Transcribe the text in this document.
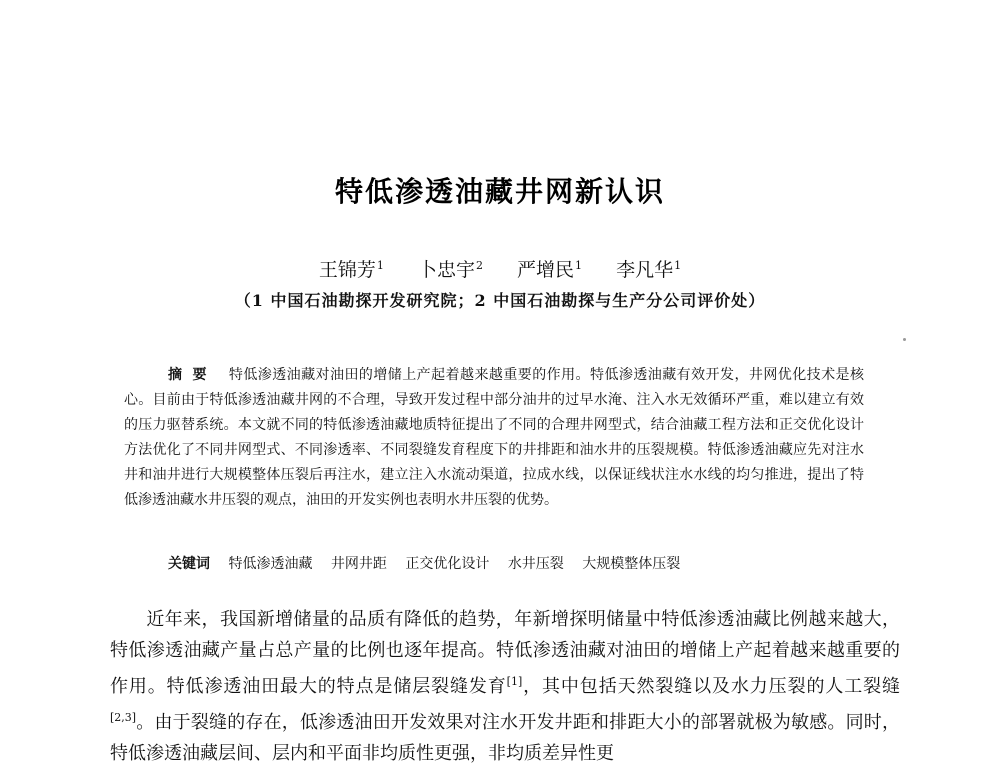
特低渗透油藏井网新认识
王锦芳$^1$ 卜忠宇$^2$ 严增民$^1$ 李凡华$^1$
（1 中国石油勘探开发研究院；2 中国石油勘探与生产分公司评价处）

摘要 特低渗透油藏对油田的增储上产起着越来越重要的作用。特低渗透油藏有效开发，井网优化技术是核心。目前由于特低渗透油藏井网的不合理，导致开发过程中部分油井的过早水淹、注入水无效循环严重，难以建立有效的压力驱替系统。本文就不同的特低渗透油藏地质特征提出了不同的合理井网型式，结合油藏工程方法和正交优化设计方法优化了不同井网型式、不同渗透率、不同裂缝发育程度下的井排距和油水井的压裂规模。特低渗透油藏应先对注水井和油井进行大规模整体压裂后再注水，建立注入水流动渠道，拉成水线，以保证线状注水水线的均匀推进，提出了特低渗透油藏水井压裂的观点，油田的开发实例也表明水井压裂的优势。

关键词 特低渗透油藏 井网井距 正交优化设计 水井压裂 大规模整体压裂

近年来，我国新增储量的品质有降低的趋势，年新增探明储量中特低渗透油藏比例越来越大，特低渗透油藏产量占总产量的比例也逐年提高。特低渗透油藏对油田的增储上产起着越来越重要的作用。特低渗透油田最大的特点是储层裂缝发育[1]，其中包括天然裂缝以及水力压裂的人工裂缝[2,3]。由于裂缝的存在，低渗透油田开发效果对注水开发井距和排距大小的部署就极为敏感。同时，特低渗透油藏层间、层内和平面非均质性更强，非均质差异性更
